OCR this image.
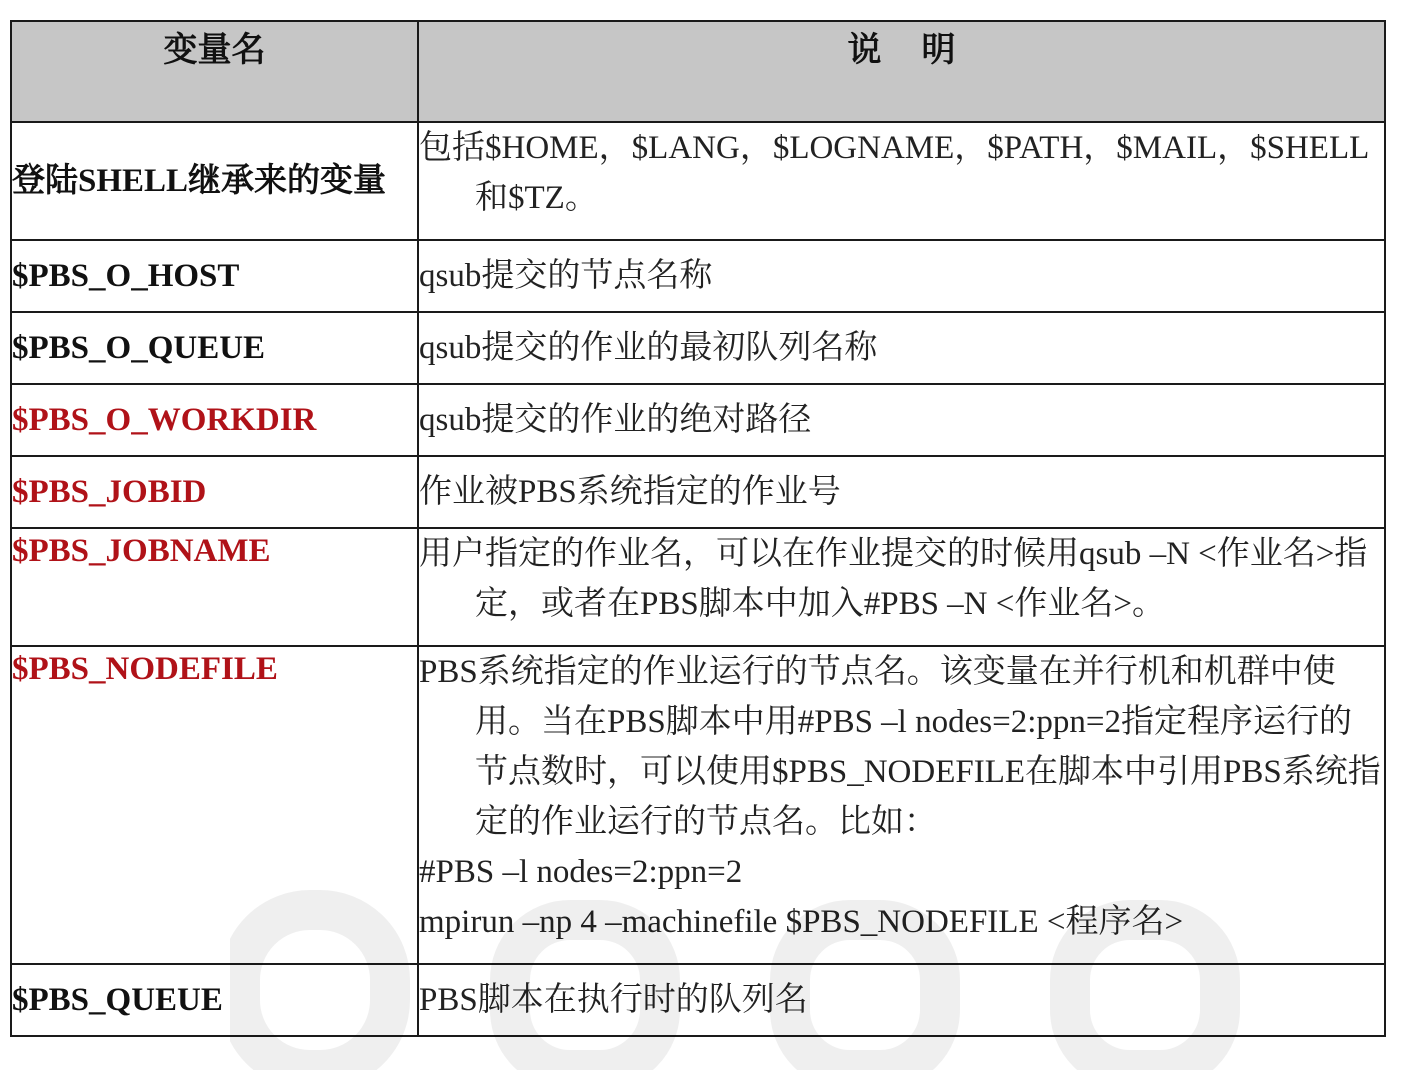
变量名	说明
登陆SHELL继承来的变量	包括$HOME，$LANG，$LOGNAME，$PATH，$MAIL，$SHELL和$TZ。

$PBS_O_HOST	qsub提交的节点名称

$PBS_O_QUEUE	qsub提交的作业的最初队列名称

$PBS_O_WORKDIR	qsub提交的作业的绝对路径

$PBS_JOBID	作业被PBS系统指定的作业号

$PBS_JOBNAME	用户指定的作业名，可以在作业提交的时候用qsub –N <作业名>指定，或者在PBS脚本中加入#PBS –N <作业名>。

$PBS_NODEFILE	PBS系统指定的作业运行的节点名。该变量在并行机和机群中使用。当在PBS脚本中用#PBS –l nodes=2:ppn=2指定程序运行的节点数时，可以使用$PBS_NODEFILE在脚本中引用PBS系统指定的作业运行的节点名。比如：
#PBS –l nodes=2:ppn=2
mpirun –np 4 –machinefile $PBS_NODEFILE <程序名>

$PBS_QUEUE	PBS脚本在执行时的队列名
